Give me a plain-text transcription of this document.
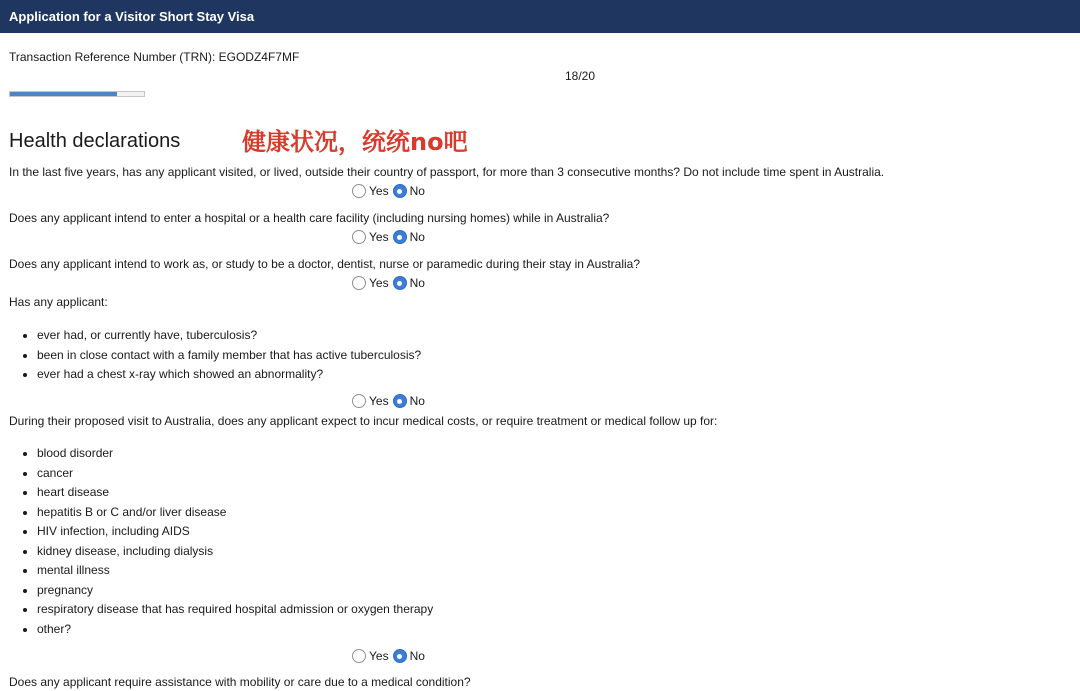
Application for a Visitor Short Stay Visa
Transaction Reference Number (TRN): EGODZ4F7MF
18/20
Health declarations	健康状况，统统no吧
In the last five years, has any applicant visited, or lived, outside their country of passport, for more than 3 consecutive months? Do not include time spent in Australia.
Yes No
Does any applicant intend to enter a hospital or a health care facility (including nursing homes) while in Australia?
Yes No
Does any applicant intend to work as, or study to be a doctor, dentist, nurse or paramedic during their stay in Australia?
Yes No
Has any applicant:
• ever had, or currently have, tuberculosis?
• been in close contact with a family member that has active tuberculosis?
• ever had a chest x-ray which showed an abnormality?
Yes No
During their proposed visit to Australia, does any applicant expect to incur medical costs, or require treatment or medical follow up for:
• blood disorder
• cancer
• heart disease
• hepatitis B or C and/or liver disease
• HIV infection, including AIDS
• kidney disease, including dialysis
• mental illness
• pregnancy
• respiratory disease that has required hospital admission or oxygen therapy
• other?
Yes No
Does any applicant require assistance with mobility or care due to a medical condition?
